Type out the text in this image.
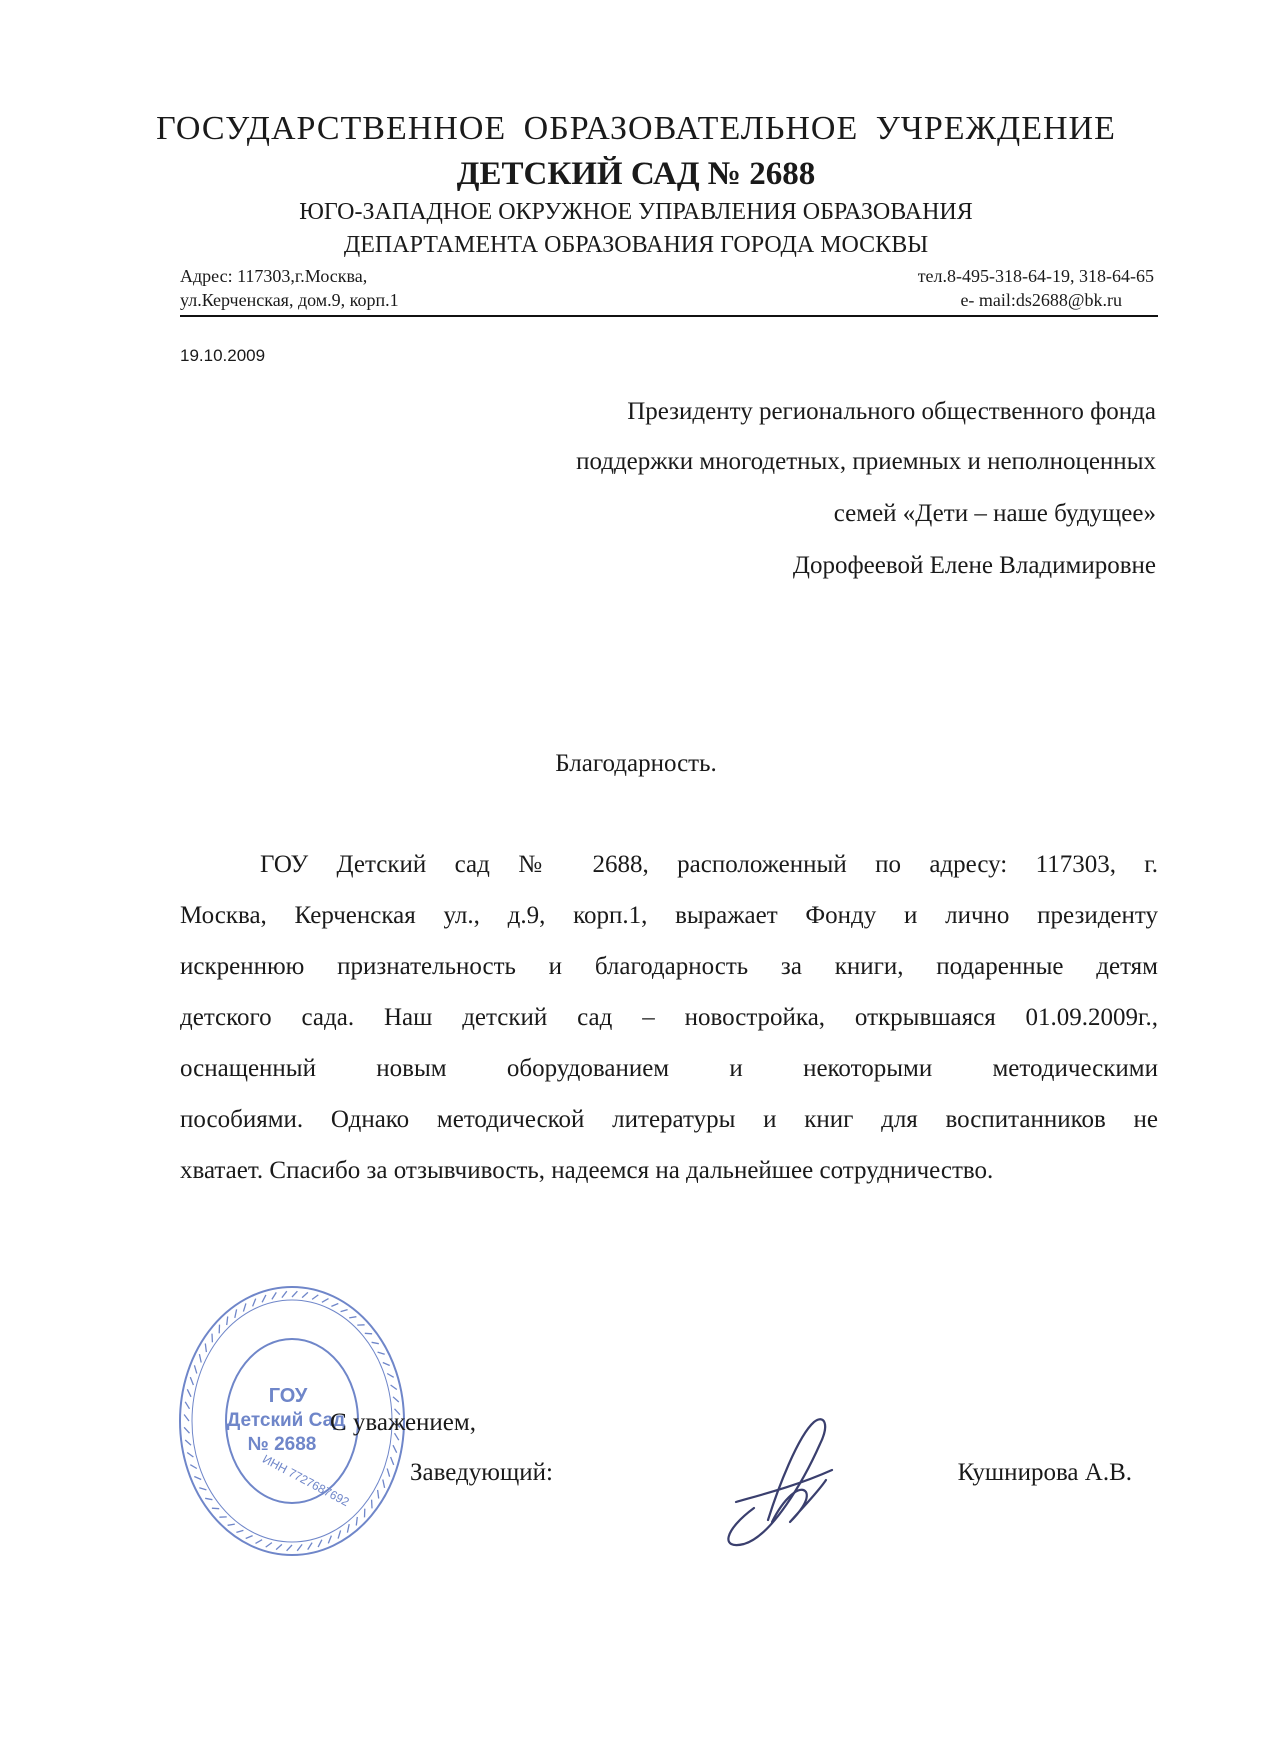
ГОСУДАРСТВЕННОЕ ОБРАЗОВАТЕЛЬНОЕ УЧРЕЖДЕНИЕ

ДЕТСКИЙ САД № 2688

ЮГО-ЗАПАДНОЕ ОКРУЖНОЕ УПРАВЛЕНИЯ ОБРАЗОВАНИЯ

ДЕПАРТАМЕНТА ОБРАЗОВАНИЯ ГОРОДА МОСКВЫ

Адрес: 117303,г.Москва,

ул.Керченская, дом.9, корп.1

тел.8-495-318-64-19, 318-64-65

e- mail:ds2688@bk.ru

19.10.2009

Президенту регионального общественного фонда

поддержки многодетных, приемных и неполноценных

семей «Дети – наше будущее»

Дорофеевой Елене Владимировне

Благодарность.

ГОУ Детский сад № 2688, расположенный по адресу: 117303, г.

Москва, Керченская ул., д.9, корп.1, выражает Фонду и лично президенту

искреннюю признательность и благодарность за книги, подаренные детям

детского сада. Наш детский сад – новостройка, открывшаяся 01.09.2009г.,

оснащенный новым оборудованием и некоторыми методическими

пособиями. Однако методической литературы и книг для воспитанников не

хватает. Спасибо за отзывчивость, надеемся на дальнейшее сотрудничество.

ГОУ
Детский Сад
№ 2688
ИНН 7727687692

С уважением,

Заведующий:	Кушнирова А.В.
